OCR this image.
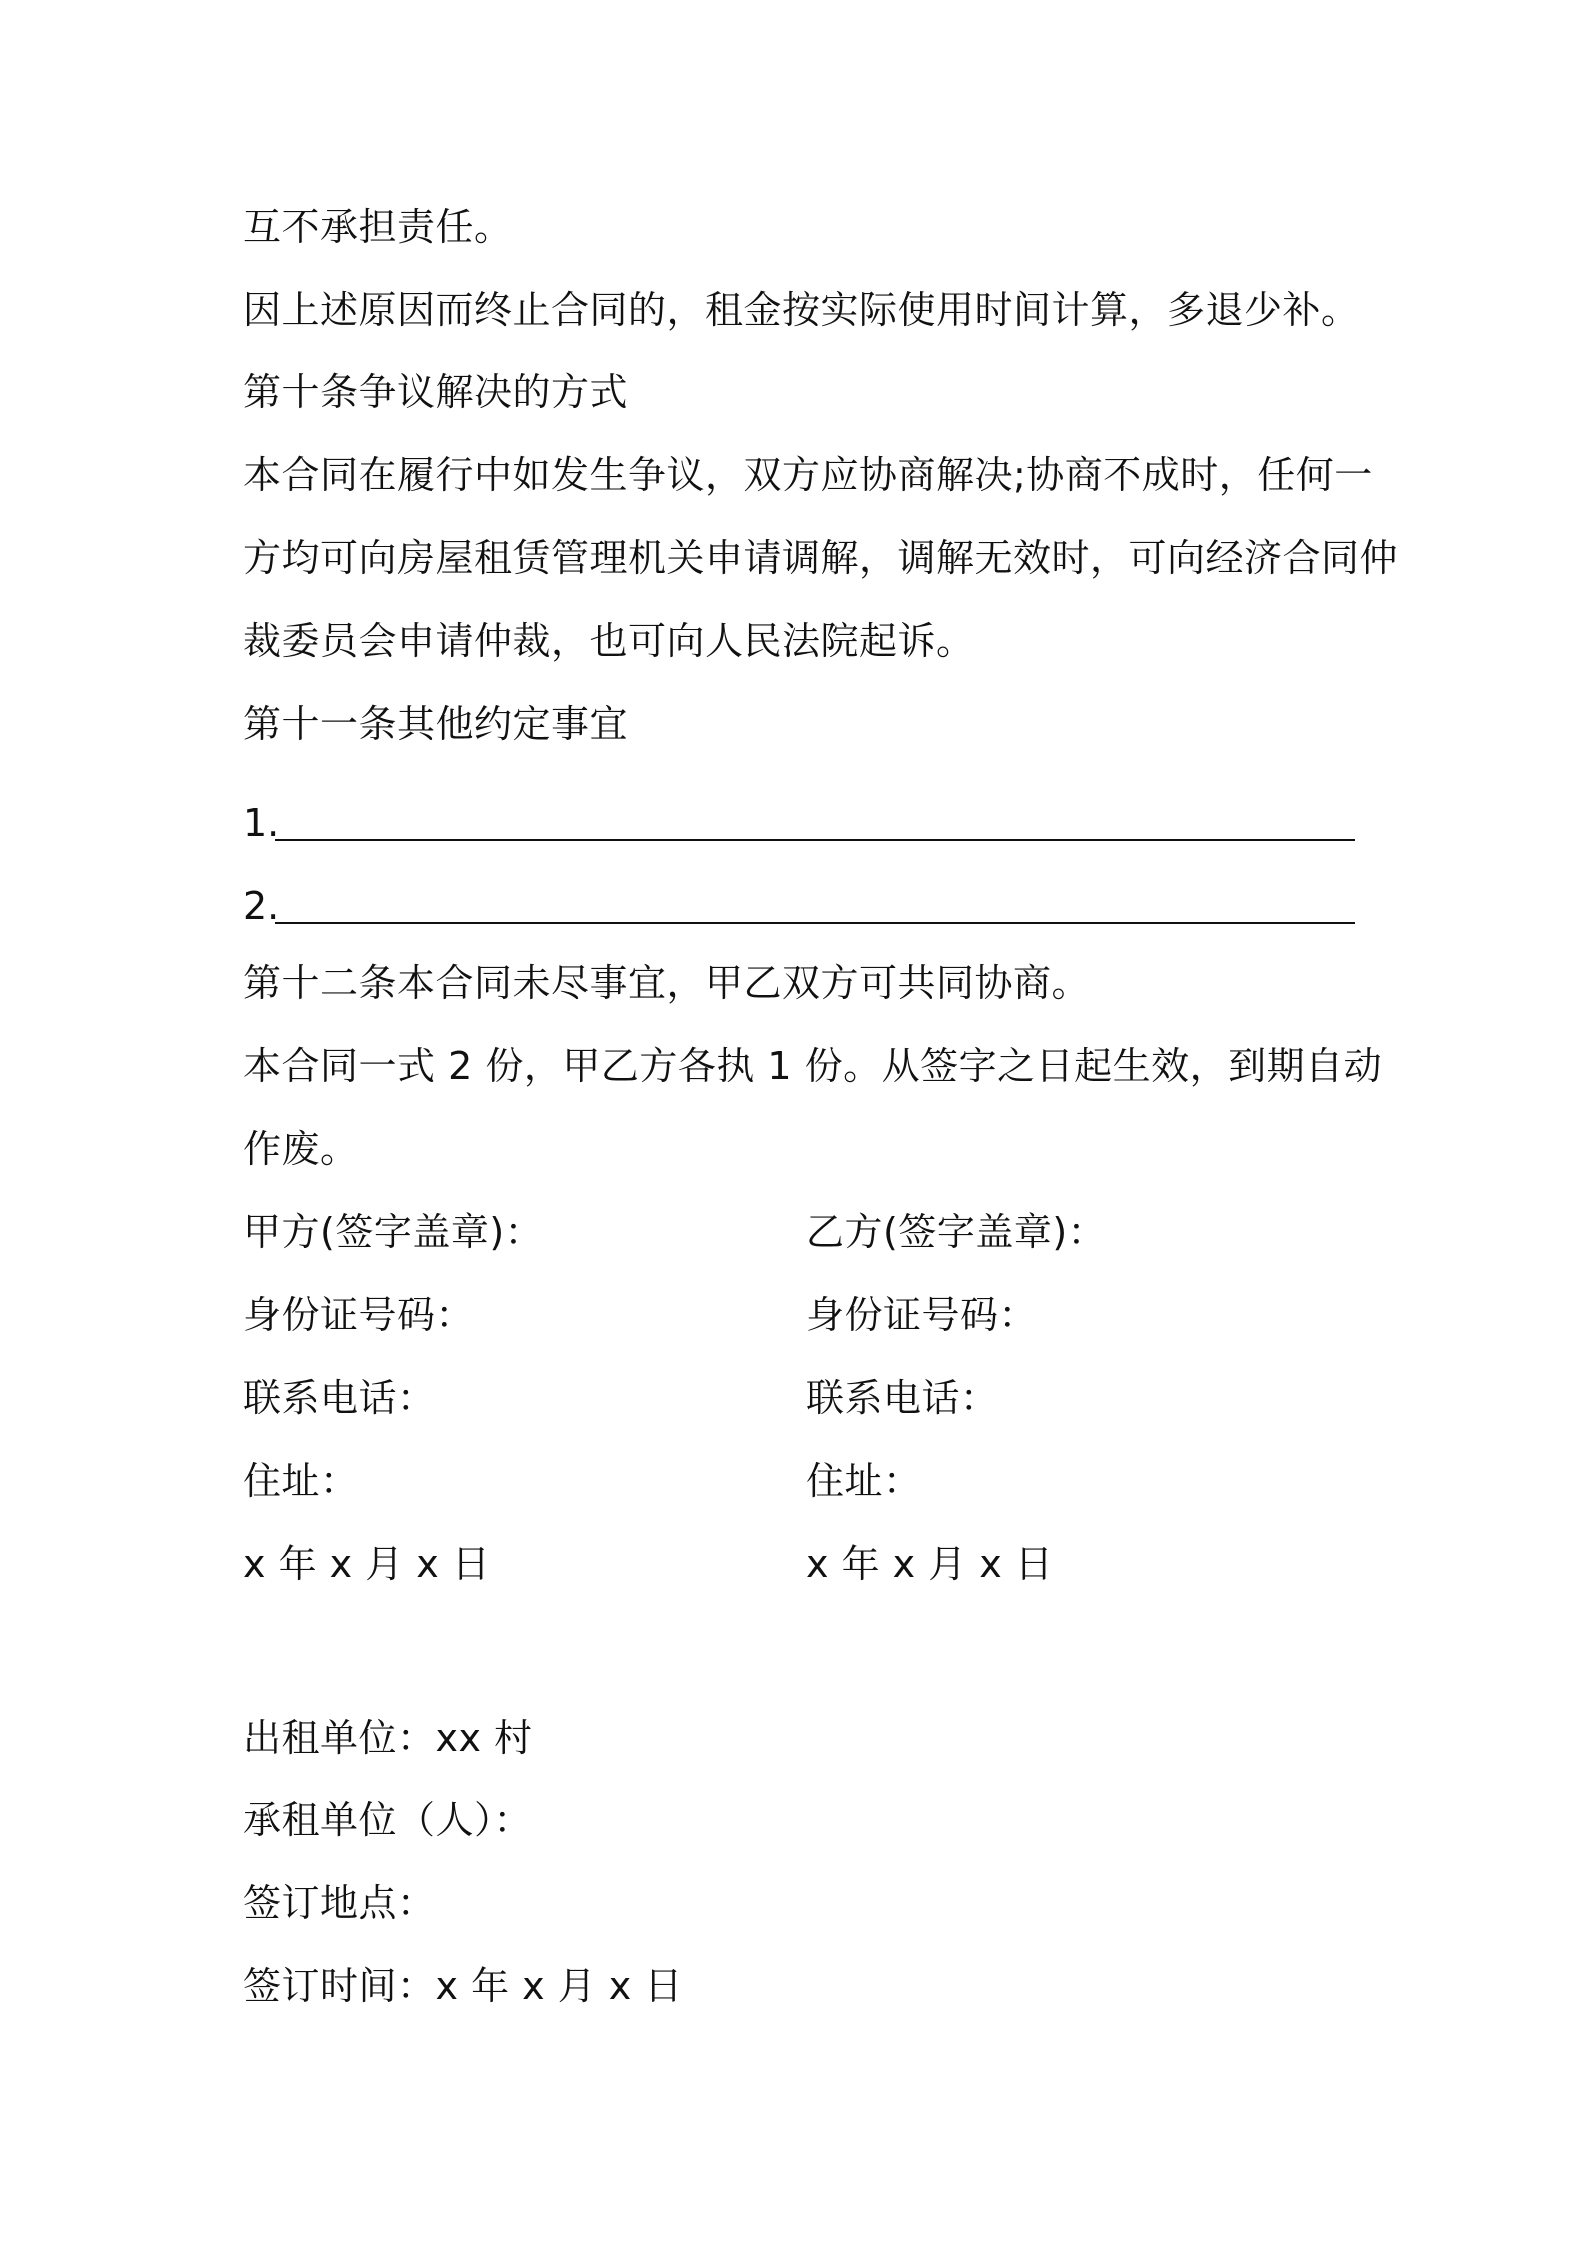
互不承担责任。
因上述原因而终止合同的，租金按实际使用时间计算，多退少补。
第十条争议解决的方式
本合同在履行中如发生争议，双方应协商解决;协商不成时，任何一
方均可向房屋租赁管理机关申请调解，调解无效时，可向经济合同仲
裁委员会申请仲裁，也可向人民法院起诉。
第十一条其他约定事宜
1.
2.
第十二条本合同未尽事宜，甲乙双方可共同协商。
本合同一式 2 份，甲乙方各执 1 份。从签字之日起生效，到期自动
作废。
甲方(签字盖章)：	乙方(签字盖章)：
身份证号码：	身份证号码：
联系电话：	联系电话：
住址：	住址：
x 年 x 月 x 日	x 年 x 月 x 日
出租单位：xx 村
承租单位（人）：
签订地点：
签订时间：x 年 x 月 x 日
